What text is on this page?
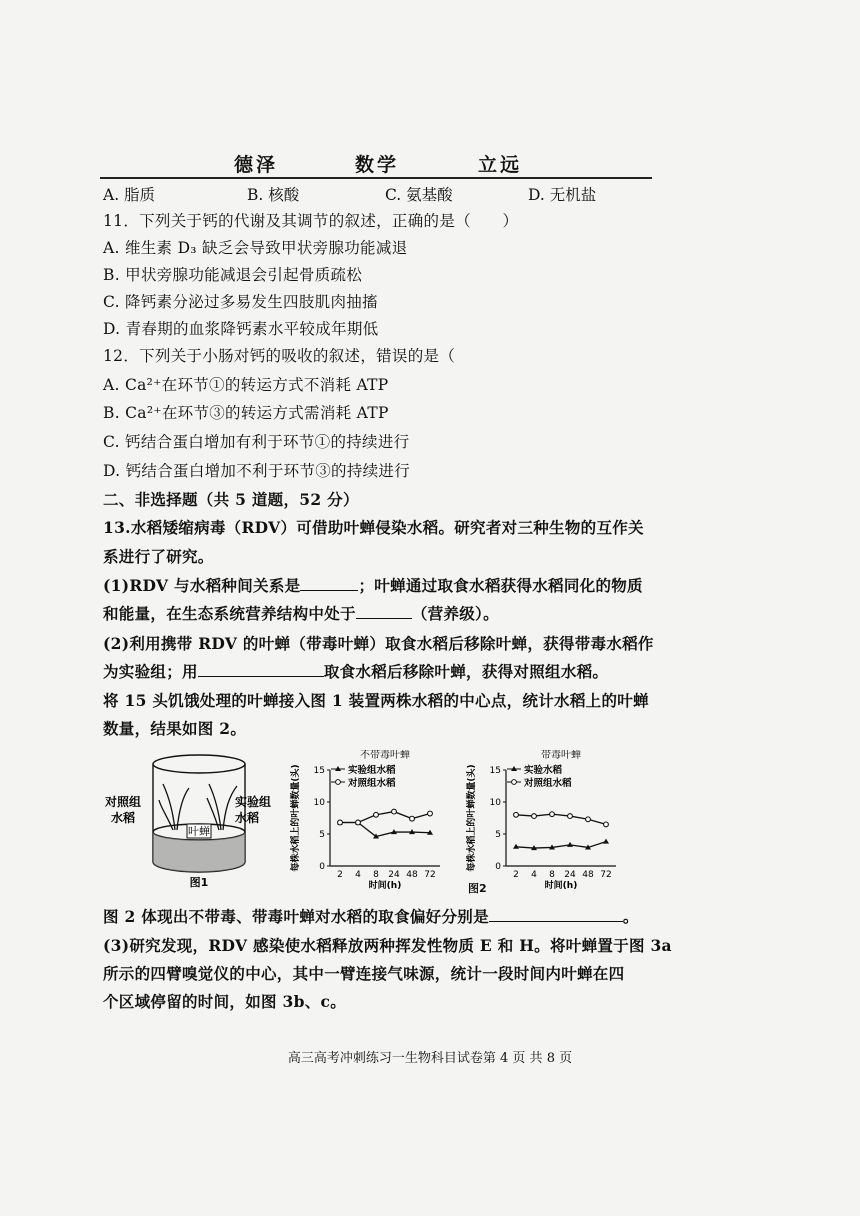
德泽	数学	立远
A. 脂质	B. 核酸	C. 氨基酸	D. 无机盐
11．下列关于钙的代谢及其调节的叙述，正确的是（　　）
A. 维生素 D₃ 缺乏会导致甲状旁腺功能减退
B. 甲状旁腺功能减退会引起骨质疏松
C. 降钙素分泌过多易发生四肢肌肉抽搐
D. 青春期的血浆降钙素水平较成年期低
12．下列关于小肠对钙的吸收的叙述，错误的是（
A. Ca²⁺在环节①的转运方式不消耗 ATP
B. Ca²⁺在环节③的转运方式需消耗 ATP
C. 钙结合蛋白增加有利于环节①的持续进行
D. 钙结合蛋白增加不利于环节③的持续进行
二、非选择题（共 5 道题，52 分）
13.水稻矮缩病毒（RDV）可借助叶蝉侵染水稻。研究者对三种生物的互作关
系进行了研究。
(1)RDV 与水稻种间关系是	；叶蝉通过取食水稻获得水稻同化的物质
和能量，在生态系统营养结构中处于	（营养级）。
(2)利用携带 RDV 的叶蝉（带毒叶蝉）取食水稻后移除叶蝉，获得带毒水稻作
为实验组；用	取食水稻后移除叶蝉，获得对照组水稻。
将 15 头饥饿处理的叶蝉接入图 1 装置两株水稻的中心点，统计水稻上的叶蝉
数量，结果如图 2。
叶蝉
对照组
水稻
实验组
水稻
图1
不带毒叶蝉
每株水稻上的叶蝉数量(头)
时间(h)
0
5
10
15
2 4 8 24 48 72
实验组水稻
对照组水稻
带毒叶蝉
每株水稻上的叶蝉数量(头)
时间(h)
0
5
10
15
2 4 8 24 48 72
实验水稻
对照组水稻
图2
图 2 体现出不带毒、带毒叶蝉对水稻的取食偏好分别是	。
(3)研究发现，RDV 感染使水稻释放两种挥发性物质 E 和 H。将叶蝉置于图 3a
所示的四臂嗅觉仪的中心，其中一臂连接气味源，统计一段时间内叶蝉在四
个区域停留的时间，如图 3b、c。
高三高考冲刺练习一生物科目试卷第 4 页 共 8 页
